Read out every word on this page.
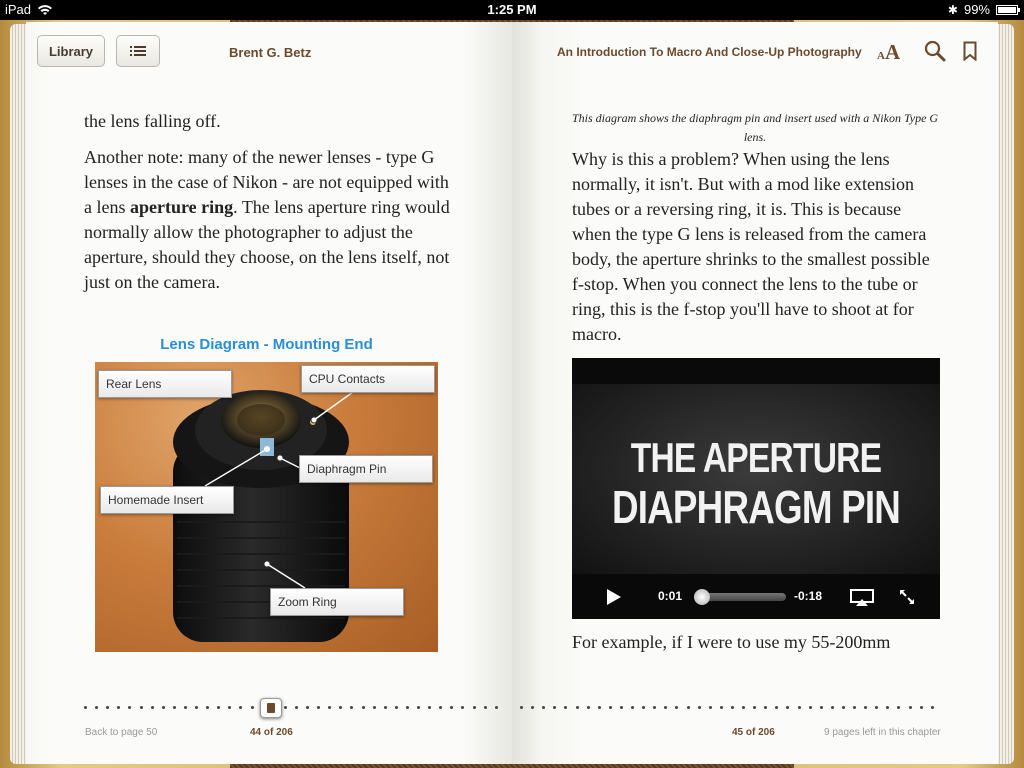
iPad	1:25 PM	✱ 99%
Library	Brent G. Betz	An Introduction To Macro And Close-Up Photography AA

the lens falling off.

Another note: many of the newer lenses - type G lenses in the case of Nikon - are not equipped with a lens aperture ring. The lens aperture ring would normally allow the photographer to adjust the aperture, should they choose, on the lens itself, not just on the camera.

Lens Diagram - Mounting End
Rear Lens	CPU Contacts
Diaphragm Pin
Homemade Insert
Zoom Ring
This diagram shows the diaphragm pin and insert used with a Nikon Type G lens.

Why is this a problem? When using the lens normally, it isn't. But with a mod like extension tubes or a reversing ring, it is. This is because when the type G lens is released from the camera body, the aperture shrinks to the smallest possible f-stop. When you connect the lens to the tube or ring, this is the f-stop you'll have to shoot at for macro.

THE APERTURE
DIAPHRAGM PIN
0:01	-0:18

For example, if I were to use my 55-200mm

Back to page 50	44 of 206	45 of 206	9 pages left in this chapter
